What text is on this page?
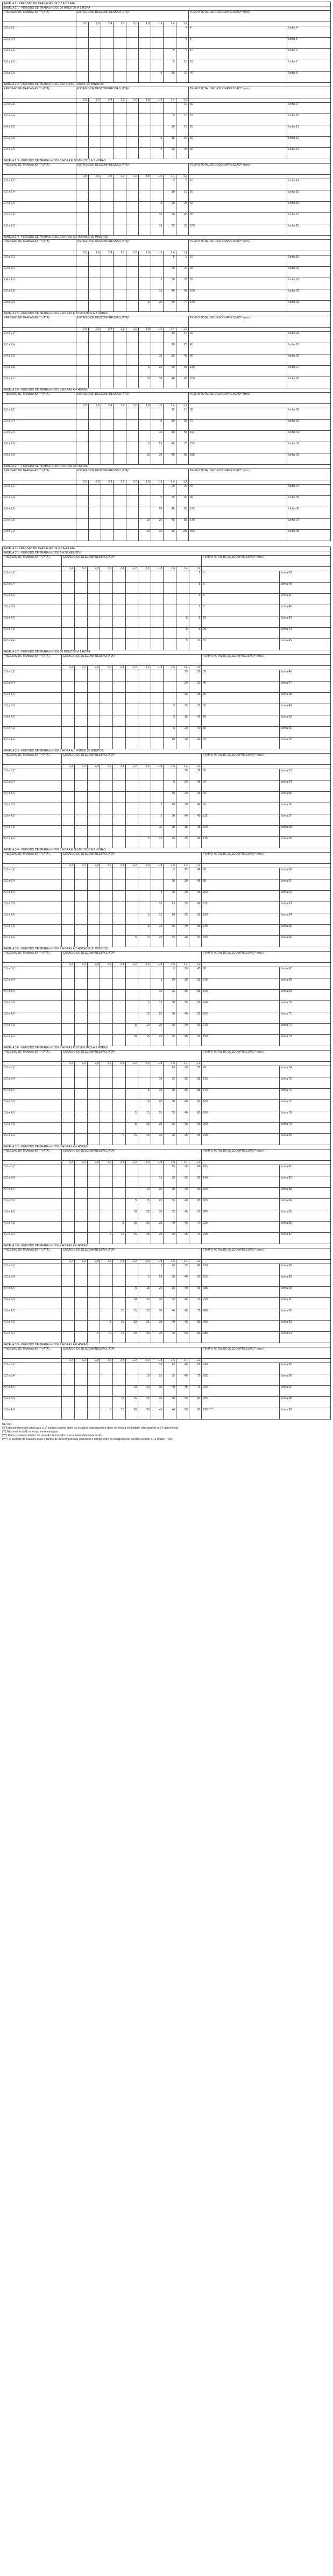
TABELA 2 - PRESSÃO DE TRABALHO DE 2,0 A 2,9 ATA											
TABELA 2.1 - PERÍODO DE TRABALHO DE 30 MINUTOS A 1 HORA											
PRESSÃO DE TRABALHO *** (ATA)	ESTÁGIO DE DESCOMPRESSÃO (ATA)*									TEMPO TOTAL DE DESCOMPRESSÃO** (min.)	
	2,8	2,6	2,4	2,2	2,0	1,8	1,6	1,4	1,2		
2,0 a 2,2									4	4	Linha 4
2,2 a 2,4									5	5	Linha 5
2,4 a 2,6								5	5	10	Linha 6
2,6 a 2,8								5	10	15	Linha 7
2,8 a 2,9							5	15	20	40	Linha 8
TABELA 2.2 - PERÍODO DE TRABALHO DE 1 HORA A 1 HORA E 30 MINUTOS											
PRESSÃO DE TRABALHO *** (ATA)	ESTÁGIO DE DESCOMPRESSÃO (ATA)*									TEMPO TOTAL DE DESCOMPRESSÃO** (min.)	
	2,8	2,6	2,4	2,2	2,0	1,8	1,6	1,4	1,2		
2,0 a 2,2									10	10	Linha 9
2,2 a 2,4								5	10	15	Linha 10
2,4 a 2,6								10	10	20	Linha 11
2,6 a 2,8							5	15	30	50	Linha 12
2,8 a 2,9							5	20	35	60	Linha 13
TABELA 2.3 - PERÍODO DE TRABALHO DE 1 HORA E 30 MINUTOS A 2 HORAS											
PRESSÃO DE TRABALHO *** (ATA)	ESTÁGIO DE DESCOMPRESSÃO (ATA)*									TEMPO TOTAL DE DESCOMPRESSÃO** (min.)	
	2,8	2,6	2,4	2,2	2,0	1,8	1,6	1,4	1,2		
2,0 a 2,2								5	5	10	Linha 14
2,2 a 2,4								10	10	20	Linha 15
2,4 a 2,6							5	20	25	50	Linha 16
2,6 a 2,8							10	30	40	80	Linha 17
2,8 a 2,9							10	35	55	100	Linha 18
TABELA 2.4 - PERÍODO DE TRABALHO DE 2 HORAS A 2 HORAS E 30 MINUTOS											
PRESSÃO DE TRABALHO *** (ATA)	ESTÁGIO DE DESCOMPRESSÃO (ATA)*									TEMPO TOTAL DE DESCOMPRESSÃO** (min.)	
	2,8	2,6	2,4	2,2	2,0	1,8	1,6	1,4	1,2		
2,0 a 2,2								5	5	10	Linha 19
2,2 a 2,4								20	20	40	Linha 20
2,4 a 2,6							5	30	30	65	Linha 21
2,6 a 2,8							15	40	45	100	Linha 22
2,8 a 2,9						5	25	40	70	140	Linha 23
TABELA 2.5 - PERÍODO DE TRABALHO DE 2 HORAS E 30 MINUTOS A 3 HORAS											
PRESSÃO DE TRABALHO *** (ATA)	ESTÁGIO DE DESCOMPRESSÃO (ATA)*									TEMPO TOTAL DE DESCOMPRESSÃO** (min.)	
	2,8	2,6	2,4	2,2	2,0	1,8	1,6	1,4	1,2		
2,0 a 2,2								10	10	20	Linha 24
2,2 a 2,4								20	25	45	Linha 25
2,4 a 2,6							10	35	45	90	Linha 26
2,6 a 2,8						5	20	40	65	130	Linha 27
2,8 a 2,9						10	30	40	80	160	Linha 28
TABELA 2.6 - PERÍODO DE TRABALHO DE 3 HORAS A 4 HORAS											
PRESSÃO DE TRABALHO *** (ATA)	ESTÁGIO DE DESCOMPRESSÃO (ATA)*									TEMPO TOTAL DE DESCOMPRESSÃO** (min.)	
	2,8	2,6	2,4	2,2	2,0	1,8	1,6	1,4	1,2		
2,0 a 2,2								15	15	30	Linha 29
2,2 a 2,4							5	30	35	70	Linha 30
2,4 a 2,6							15	40	55	110	Linha 31
2,6 a 2,8						5	25	45	75	150	Linha 32
2,8 a 2,9						15	30	45	95	185	Linha 33
TABELA 2.7 - PERÍODO DE TRABALHO DE 4 HORAS A 6 HORAS											
PRESSÃO DE TRABALHO *** (ATA)	ESTÁGIO DE DESCOMPRESSÃO (ATA)*									TEMPO TOTAL DE DESCOMPRESSÃO** (min.)	
	2,8	2,6	2,4	2,2	2,0	1,8	1,6	1,4	1,2		
2,0 a 2,2								20	20	40	Linha 34
2,2 a 2,4							5	35	40	80	Linha 35
2,4 a 2,6							20	40	65	125	Linha 36
2,6 a 2,8						10	30	45	85	170	Linha 37
2,8 a 2,9						20	35	45	105	205	Linha 38
TABELA 3 - PRESSÃO DE TRABALHO DE 3,0 A 4,4 ATA													
TABELA 3.1 - PERÍODO DE TRABALHO DE 0 A 30 MINUTOS													
PRESSÃO DE TRABALHO *** (ATA)	ESTÁGIO DE DESCOMPRESSÃO (ATA)*											TEMPO TOTAL DE DESCOMPRESSÃO** (min.)	
	3,4	3,2	2,8	2,6	2,4	2,2	2,0	1,8	1,6	1,4	1,2		
3,0 a 3,2											5	5	Linha 39
3,2 a 3,4											5	5	Linha 40
3,4 a 3,6											5	5	Linha 41
3,6 a 3,8											5	5	Linha 42
3,8 a 4,0										5	5	10	Linha 43
4,0 a 4,2										5	5	10	Linha 44
4,2 a 4,4										5	10	15	Linha 45
TABELA 3.2 - PERÍODO DE TRABALHO DE 30 MINUTOS A 1 HORA													
PRESSÃO DE TRABALHO *** (ATA)	ESTÁGIO DE DESCOMPRESSÃO (ATA)*											TEMPO TOTAL DE DESCOMPRESSÃO** (min.)	
	3,4	3,2	2,8	2,6	2,4	2,2	2,0	1,8	1,6	1,4	1,2		
3,0 a 3,2										15	20	35	Linha 46
3,2 a 3,4										20	20	40	Linha 47
3,4 a 3,6										25	25	50	Linha 48
3,6 a 3,8									5	25	25	55	Linha 49
3,8 a 4,0									5	15	40	60	Linha 50
4,0 a 4,2									5	20	40	65	Linha 51
4,2 a 4,4									10	20	40	70	Linha 52
TABELA 3.3 - PERÍODO DE TRABALHO DE 1 HORA A 1 HORA E 30 MINUTOS													
PRESSÃO DE TRABALHO *** (ATA)	ESTÁGIO DE DESCOMPRESSÃO (ATA)*											TEMPO TOTAL DE DESCOMPRESSÃO** (min.)	
	3,4	3,2	2,8	2,6	2,4	2,2	2,0	1,8	1,6	1,4	1,2		
3,0 a 3,2										15	35	50	Linha 53
3,2 a 3,4									5	20	45	70	Linha 54
3,4 a 3,6									10	20	45	75	Linha 55
3,6 a 3,8								5	20	30	40	95	Linha 56
3,8 a 4,0								5	30	40	40	115	Linha 57
4,0 a 4,2								10	30	35	45	120	Linha 58
4,2 a 4,4							5	15	25	35	45	125	Linha 59
TABELA 3.4 - PERÍODO DE TRABALHO DE 1 HORA E 30 MINUTOS A 2 HORAS													
PRESSÃO DE TRABALHO *** (ATA)	ESTÁGIO DE DESCOMPRESSÃO (ATA)*											TEMPO TOTAL DE DESCOMPRESSÃO** (min.)	
	3,4	3,2	2,8	2,6	2,4	2,2	2,0	1,8	1,6	1,4	1,2		
3,0 a 3,2									5	25	40	70	Linha 60
3,2 a 3,4									10	30	45	85	Linha 61
3,4 a 3,6								5	20	30	45	100	Linha 62
3,6 a 3,8								10	25	35	45	115	Linha 63
3,8 a 4,0							5	15	20	35	55	130	Linha 64
4,0 a 4,2							5	15	35	40	50	145	Linha 65
4,2 a 4,4						5	10	25	35	40	50	165	Linha 66
TABELA 3.5 - PERÍODO DE TRABALHO DE 2 HORAS A 2 HORAS E 30 MINUTOS													
PRESSÃO DE TRABALHO *** (ATA)	ESTÁGIO DE DESCOMPRESSÃO (ATA)*											TEMPO TOTAL DE DESCOMPRESSÃO** (min.)	
	3,4	3,2	2,8	2,6	2,4	2,2	2,0	1,8	1,6	1,4	1,2		
3,0 a 3,2									5	30	45	80	Linha 67
3,2 a 3,4								5	20	30	55	110	Linha 68
3,4 a 3,6								10	25	35	55	125	Linha 69
3,6 a 3,8							5	15	30	35	55	140	Linha 70
3,8 a 4,0							10	20	30	40	55	155	Linha 71
4,0 a 4,2						5	10	25	35	40	60	175	Linha 72
4,2 a 4,4						10	15	25	35	45	60	190	Linha 73
TABELA 3.6 - PERÍODO DE TRABALHO DE 2 HORAS E 30 MINUTOS A 3 HORAS													
PRESSÃO DE TRABALHO *** (ATA)	ESTÁGIO DE DESCOMPRESSÃO (ATA)*											TEMPO TOTAL DE DESCOMPRESSÃO** (min.)	
	3,4	3,2	2,8	2,6	2,4	2,2	2,0	1,8	1,6	1,4	1,2		
3,0 a 3,2									10	30	55	95	Linha 74
3,2 a 3,4								10	25	35	55	125	Linha 75
3,4 a 3,6							5	15	30	35	55	140	Linha 76
3,6 a 3,8							10	20	30	40	60	160	Linha 77
3,8 a 4,0						5	15	25	35	40	60	180	Linha 78
4,0 a 4,2						5	20	30	35	45	65	200	Linha 79
4,2 a 4,4					5	15	20	30	40	45	65	220	Linha 80
TABELA 3.7 - PERÍODO DE TRABALHO DE 3 HORAS A 4 HORAS													
PRESSÃO DE TRABALHO *** (ATA)	ESTÁGIO DE DESCOMPRESSÃO (ATA)*											TEMPO TOTAL DE DESCOMPRESSÃO** (min.)	
	3,4	3,2	2,8	2,6	2,4	2,2	2,0	1,8	1,6	1,4	1,2		
3,0 a 3,2									15	30	60	105	Linha 81
3,2 a 3,4								15	30	35	60	140	Linha 82
3,4 a 3,6							10	20	30	40	60	160	Linha 83
3,6 a 3,8						5	15	25	35	40	65	185	Linha 84
3,8 a 4,0						10	20	30	35	45	65	205	Linha 85
4,0 a 4,2					5	15	20	30	40	45	70	225	Linha 86
4,2 a 4,4				5	10	15	25	35	40	45	70	245	Linha 87
TABELA 3.8 - PERÍODO DE TRABALHO DE 4 HORAS A 6 HORAS													
PRESSÃO DE TRABALHO *** (ATA)	ESTÁGIO DE DESCOMPRESSÃO (ATA)*											TEMPO TOTAL DE DESCOMPRESSÃO** (min.)	
	3,4	3,2	2,8	2,6	2,4	2,2	2,0	1,8	1,6	1,4	1,2		
3,0 a 3,2								5	20	35	60	120	Linha 88
3,2 a 3,4							5	20	30	40	60	155	Linha 89
3,4 a 3,6						5	15	25	35	40	65	185	Linha 90
3,6 a 3,8						10	20	30	35	45	70	210	Linha 91
3,8 a 4,0					10	15	25	30	40	45	75	240	Linha 92
4,0 a 4,2				5	15	20	25	35	40	45	80	265	Linha 93
4,2 a 4,4			5	10	15	20	30	35	40	50	80	285	Linha 94
TABELA 3.9 - PERÍODO DE TRABALHO DE 6 HORAS A 8 HORAS													
PRESSÃO DE TRABALHO *** (ATA)	ESTÁGIO DE DESCOMPRESSÃO (ATA)*											TEMPO TOTAL DE DESCOMPRESSÃO** (min.)	
	3,4	3,2	2,8	2,6	2,4	2,2	2,0	1,8	1,6	1,4	1,2		
3,0 a 3,2								10	25	40	65	140	Linha 95
3,2 a 3,4							10	25	35	45	70	185	Linha 96
3,4 a 3,6						10	20	30	40	45	75	220	Linha 97
3,6 a 3,8					10	15	25	35	40	50	80	255	Linha 98
3,8 a 4,0				5	15	20	30	40	40	55	90	295 ****	Linha 99
NOTAS:
(*) A descompressão tanto para o 1º estágio quanto entre os estágios subsequentes deve ser feita a velocidade não superior a 0,4 atm/minuto.
(**) Não está incluído o tempo entre estágios.
(***) Para os valores limites de pressão de trabalho, use a maior descompressão.
(****) O período de trabalho mais o tempo de descompressão (incluindo o tempo entre os estágios) não deverá exceder a 12 horas." (NR)
